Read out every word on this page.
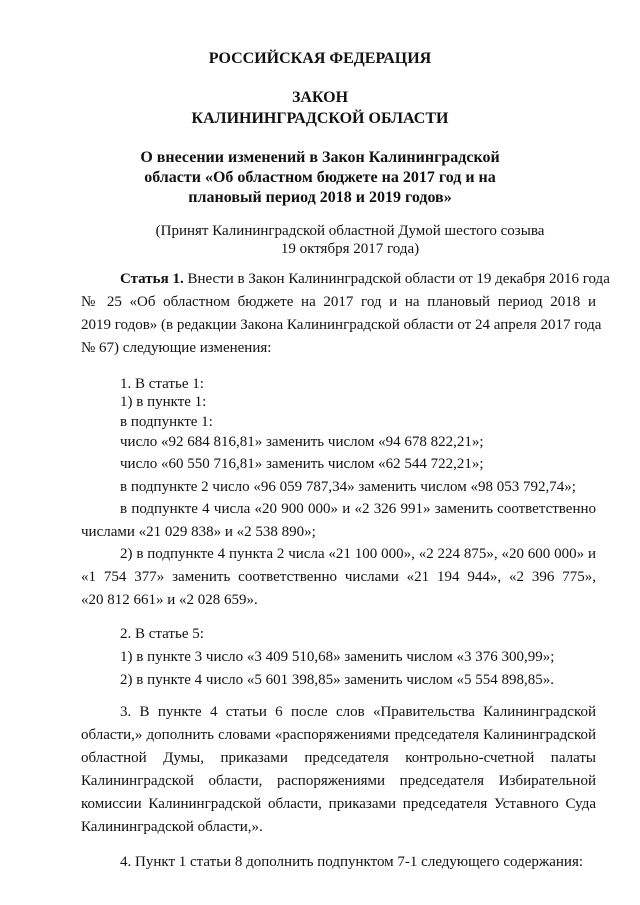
РОССИЙСКАЯ ФЕДЕРАЦИЯ
ЗАКОН
КАЛИНИНГРАДСКОЙ ОБЛАСТИ
О внесении изменений в Закон Калининградской
области «Об областном бюджете на 2017 год и на
плановый период 2018 и 2019 годов»
(Принят Калининградской областной Думой шестого созыва
19 октября 2017 года)
Статья 1. Внести в Закон Калининградской области от 19 декабря 2016 года
№ 25 «Об областном бюджете на 2017 год и на плановый период 2018 и
2019 годов» (в редакции Закона Калининградской области от 24 апреля 2017 года
№ 67) следующие изменения:
1. В статье 1:
1) в пункте 1:
в подпункте 1:
число «92 684 816,81» заменить числом «94 678 822,21»;
число «60 550 716,81» заменить числом «62 544 722,21»;
в подпункте 2 число «96 059 787,34» заменить числом «98 053 792,74»;
в подпункте 4 числа «20 900 000» и «2 326 991» заменить соответственно
числами «21 029 838» и «2 538 890»;
2) в подпункте 4 пункта 2 числа «21 100 000», «2 224 875», «20 600 000» и
«1 754 377» заменить соответственно числами «21 194 944», «2 396 775»,
«20 812 661» и «2 028 659».
2. В статье 5:
1) в пункте 3 число «3 409 510,68» заменить числом «3 376 300,99»;
2) в пункте 4 число «5 601 398,85» заменить числом «5 554 898,85».
3. В пункте 4 статьи 6 после слов «Правительства Калининградской
области,» дополнить словами «распоряжениями председателя Калининградской
областной Думы, приказами председателя контрольно-счетной палаты
Калининградской области, распоряжениями председателя Избирательной
комиссии Калининградской области, приказами председателя Уставного Суда
Калининградской области,».
4. Пункт 1 статьи 8 дополнить подпунктом 7-1 следующего содержания:
